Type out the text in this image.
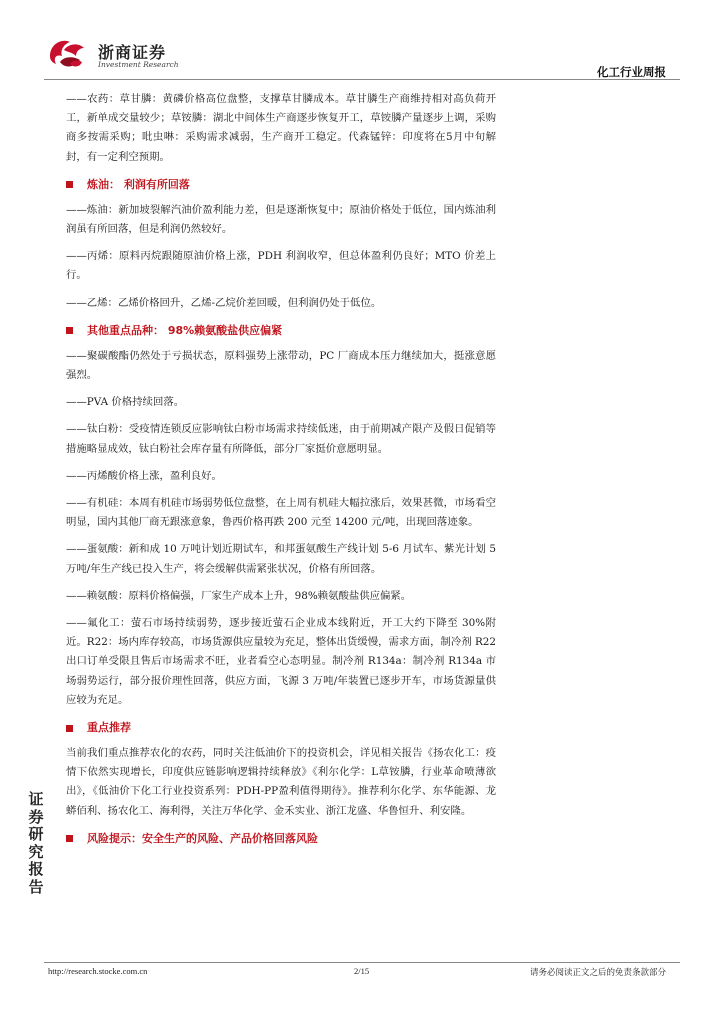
浙商证券
Investment Research
化工行业周报

——农药：草甘膦：黄磷价格高位盘整，支撑草甘膦成本。草甘膦生产商维持相对高负荷开工，新单成交量较少；草铵膦：湖北中间体生产商逐步恢复开工，草铵膦产量逐步上调，采购商多按需采购；吡虫啉：采购需求减弱，生产商开工稳定。代森锰锌：印度将在5月中旬解封，有一定利空预期。

炼油： 利润有所回落

——炼油：新加坡裂解汽油价盈利能力差，但是逐渐恢复中；原油价格处于低位，国内炼油利润虽有所回落，但是利润仍然较好。

——丙烯：原料丙烷跟随原油价格上涨，PDH 利润收窄，但总体盈利仍良好；MTO 价差上行。

——乙烯：乙烯价格回升，乙烯-乙烷价差回暖，但利润仍处于低位。

其他重点品种： 98%赖氨酸盐供应偏紧

——聚碳酸酯仍然处于亏损状态，原料强势上涨带动，PC 厂商成本压力继续加大，挺涨意愿强烈。

——PVA 价格持续回落。

——钛白粉：受疫情连锁反应影响钛白粉市场需求持续低迷，由于前期减产限产及假日促销等措施略显成效，钛白粉社会库存量有所降低，部分厂家挺价意愿明显。

——丙烯酸价格上涨，盈利良好。

——有机硅：本周有机硅市场弱势低位盘整，在上周有机硅大幅拉涨后，效果甚微，市场看空明显，国内其他厂商无跟涨意象，鲁西价格再跌 200 元至 14200 元/吨，出现回落迹象。

——蛋氨酸：新和成 10 万吨计划近期试车，和邦蛋氨酸生产线计划 5-6 月试车、紫光计划 5 万吨/年生产线已投入生产，将会缓解供需紧张状况，价格有所回落。

——赖氨酸：原料价格偏强，厂家生产成本上升，98%赖氨酸盐供应偏紧。

——氟化工：萤石市场持续弱势，逐步接近萤石企业成本线附近，开工大约下降至 30%附近。R22：场内库存较高，市场货源供应量较为充足，整体出货缓慢，需求方面，制冷剂 R22 出口订单受限且售后市场需求不旺，业者看空心态明显。制冷剂 R134a：制冷剂 R134a 市场弱势运行，部分报价理性回落，供应方面，飞源 3 万吨/年装置已逐步开车，市场货源量供应较为充足。

重点推荐

当前我们重点推荐农化的农药，同时关注低油价下的投资机会，详见相关报告《扬农化工：疫情下依然实现增长，印度供应链影响逻辑持续释放》《利尔化学：L草铵膦，行业革命喷薄欲出》，《低油价下化工行业投资系列：PDH-PP盈利值得期待》。推荐利尔化学、东华能源、龙蟒佰利、扬农化工、海利得，关注万华化学、金禾实业、浙江龙盛、华鲁恒升、利安隆。

风险提示：安全生产的风险、产品价格回落风险
证券研究报告
http://research.stocke.com.cn	2/15	请务必阅读正文之后的免责条款部分
